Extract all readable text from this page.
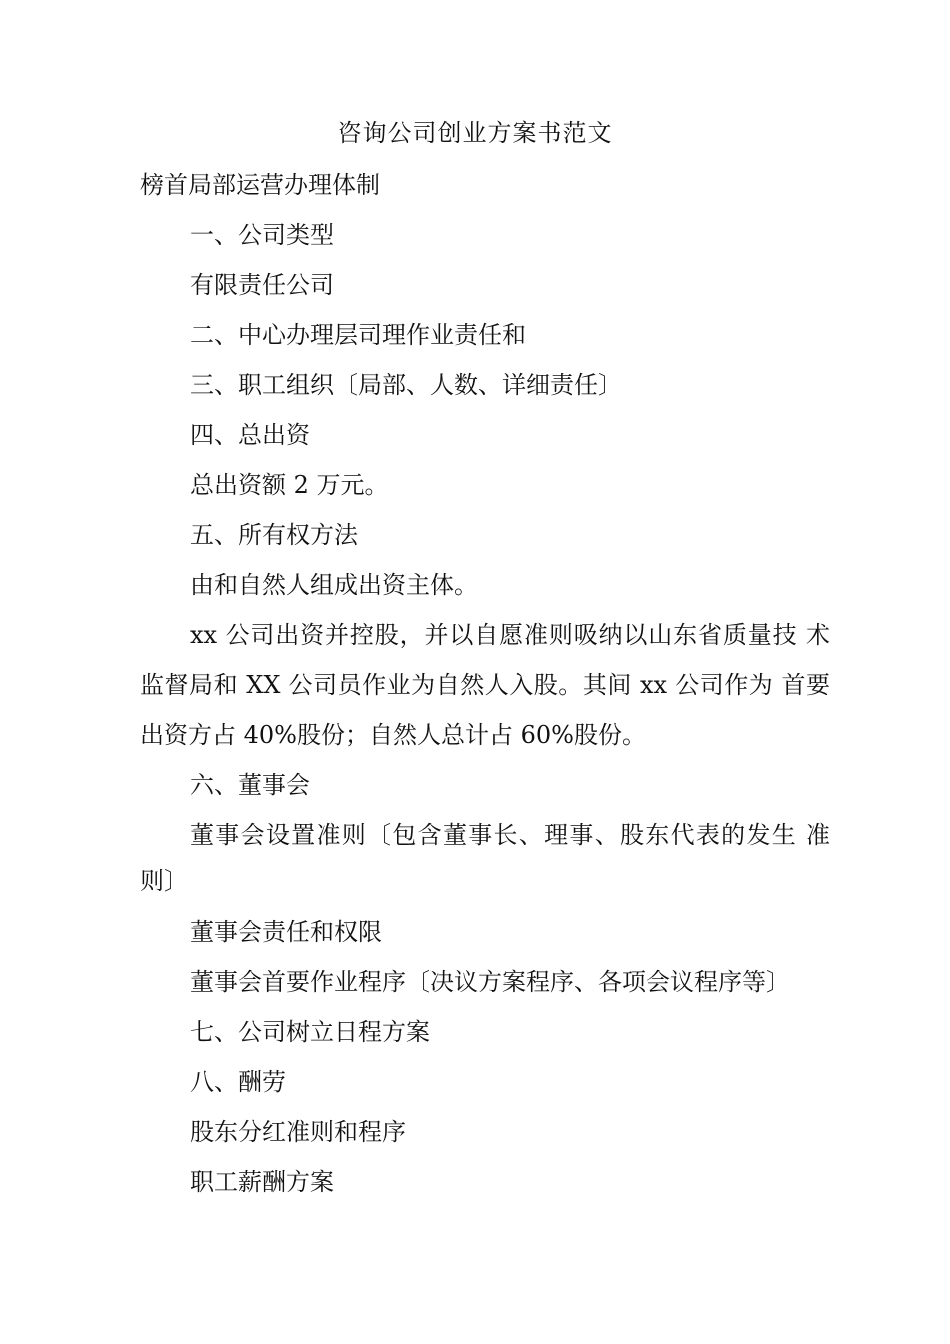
咨询公司创业方案书范文
榜首局部运营办理体制
一、公司类型
有限责任公司
二、中心办理层司理作业责任和
三、职工组织〔局部、人数、详细责任〕
四、总出资
总出资额 2 万元。
五、所有权方法
由和自然人组成出资主体。
xx 公司出资并控股，并以自愿准则吸纳以山东省质量技 术
监督局和 XX 公司员作业为自然人入股。其间 xx 公司作为 首要
出资方占 40%股份；自然人总计占 60%股份。
六、董事会
董事会设置准则〔包含董事长、理事、股东代表的发生 准
则〕
董事会责任和权限
董事会首要作业程序〔决议方案程序、各项会议程序等〕
七、公司树立日程方案
八、酬劳
股东分红准则和程序
职工薪酬方案
